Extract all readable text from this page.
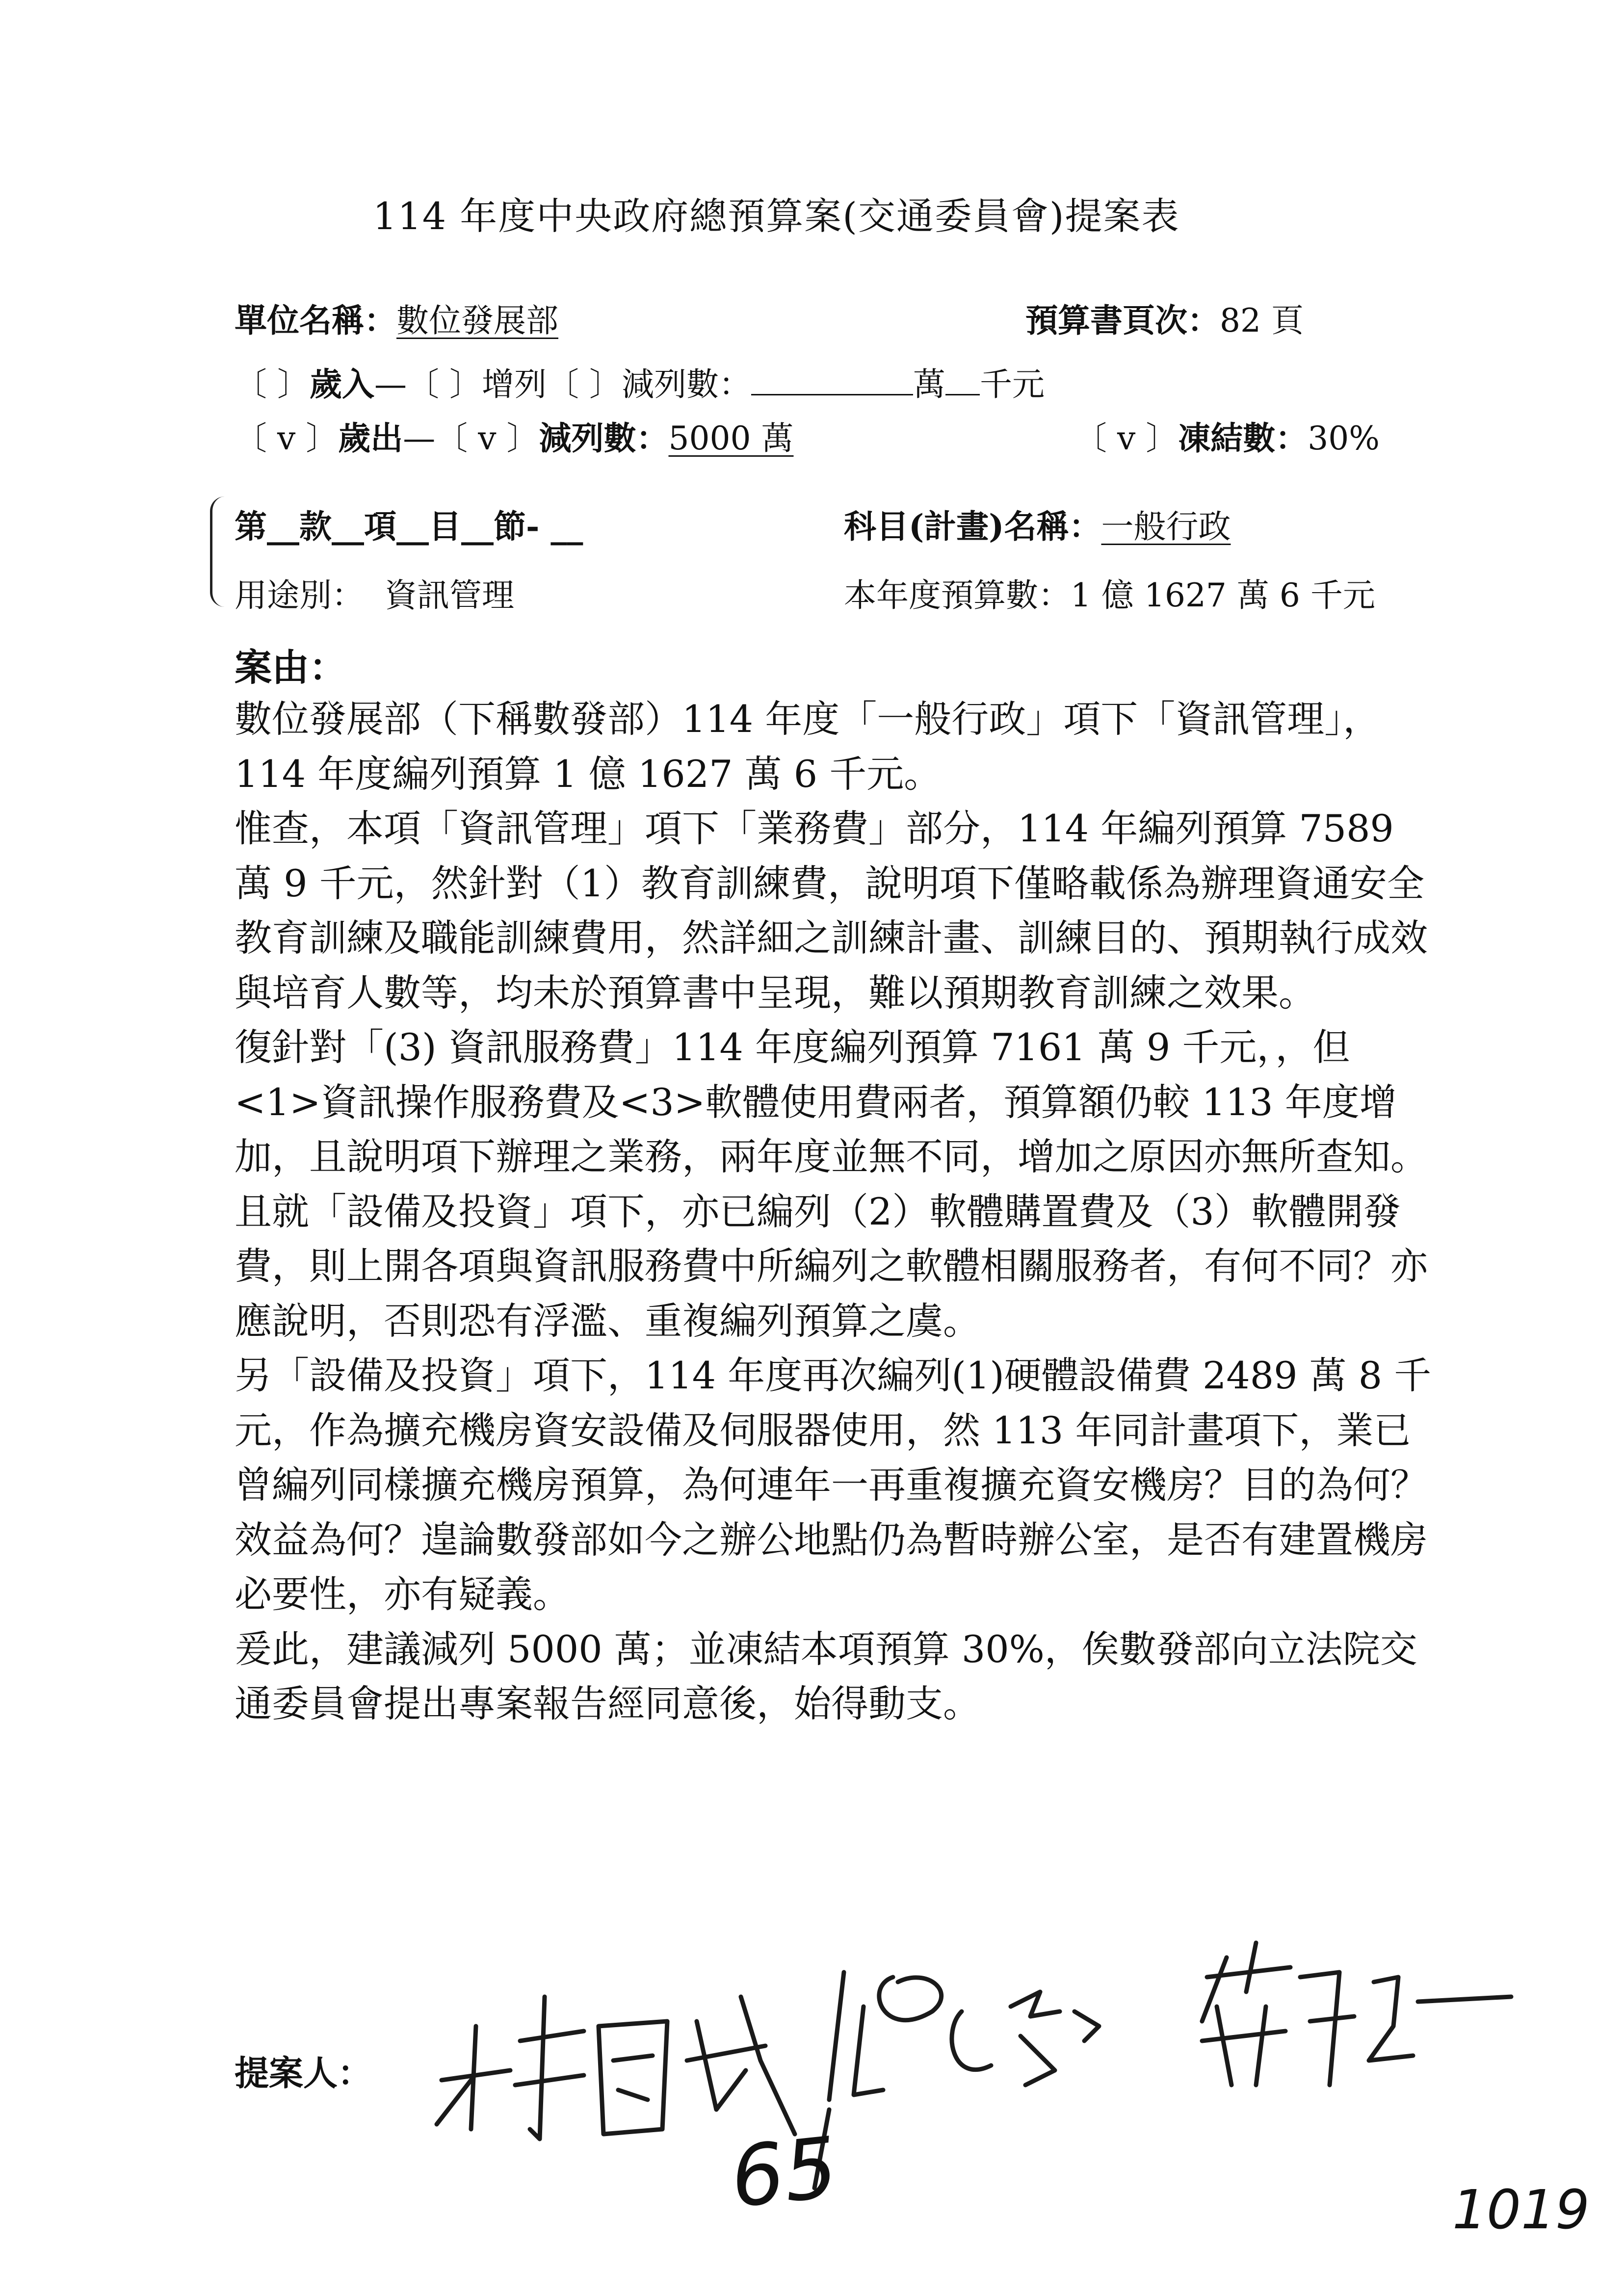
114 年度中央政府總預算案(交通委員會)提案表
單位名稱：數位發展部	預算書頁次：82 頁
〔 〕歲入—〔 〕增列〔 〕減列數：	萬 千元
〔 v 〕歲出—〔 v 〕減列數：5000 萬	〔 v 〕凍結數：30%
第__款__項__目__節- __	科目(計畫)名稱：一般行政
用途別： 資訊管理	本年度預算數：1 億 1627 萬 6 千元
案由：

數位發展部（下稱數發部）114 年度「一般行政」項下「資訊管理」，114 年度編列預算 1 億 1627 萬 6 千元。

惟查，本項「資訊管理」項下「業務費」部分，114 年編列預算 7589 萬 9 千元，然針對（1）教育訓練費，說明項下僅略載係為辦理資通安全教育訓練及職能訓練費用，然詳細之訓練計畫、訓練目的、預期執行成效與培育人數等，均未於預算書中呈現，難以預期教育訓練之效果。

復針對「(3) 資訊服務費」114 年度編列預算 7161 萬 9 千元，，但<1>資訊操作服務費及<3>軟體使用費兩者，預算額仍較 113 年度增加，且說明項下辦理之業務，兩年度並無不同，增加之原因亦無所查知。

且就「設備及投資」項下，亦已編列（2）軟體購置費及（3）軟體開發費，則上開各項與資訊服務費中所編列之軟體相關服務者，有何不同？亦應說明，否則恐有浮濫、重複編列預算之虞。

另「設備及投資」項下，114 年度再次編列(1)硬體設備費 2489 萬 8 千元，作為擴充機房資安設備及伺服器使用，然 113 年同計畫項下，業已曾編列同樣擴充機房預算，為何連年一再重複擴充資安機房？目的為何？效益為何？遑論數發部如今之辦公地點仍為暫時辦公室，是否有建置機房必要性，亦有疑義。

爰此，建議減列 5000 萬；並凍結本項預算 30%，俟數發部向立法院交通委員會提出專案報告經同意後，始得動支。

提案人：
65	1019
